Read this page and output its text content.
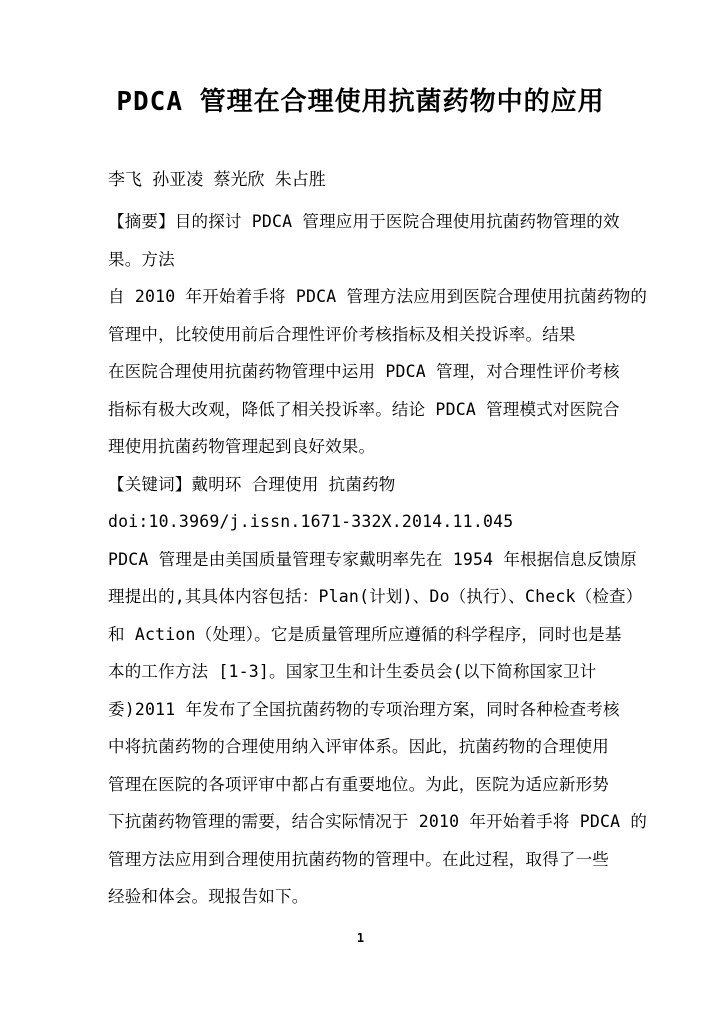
PDCA 管理在合理使用抗菌药物中的应用
李飞 孙亚凌 蔡光欣 朱占胜
【摘要】目的探讨 PDCA 管理应用于医院合理使用抗菌药物管理的效
果。方法
自 2010 年开始着手将 PDCA 管理方法应用到医院合理使用抗菌药物的
管理中，比较使用前后合理性评价考核指标及相关投诉率。结果
在医院合理使用抗菌药物管理中运用 PDCA 管理，对合理性评价考核
指标有极大改观，降低了相关投诉率。结论 PDCA 管理模式对医院合
理使用抗菌药物管理起到良好效果。
【关键词】戴明环 合理使用 抗菌药物
doi:10.3969/j.issn.1671-332X.2014.11.045
PDCA 管理是由美国质量管理专家戴明率先在 1954 年根据信息反馈原
理提出的,其具体内容包括：Plan(计划)、Do（执行）、Check（检查）
和 Action（处理）。它是质量管理所应遵循的科学程序，同时也是基
本的工作方法 [1-3]。国家卫生和计生委员会(以下简称国家卫计
委)2011 年发布了全国抗菌药物的专项治理方案，同时各种检查考核
中将抗菌药物的合理使用纳入评审体系。因此，抗菌药物的合理使用
管理在医院的各项评审中都占有重要地位。为此，医院为适应新形势
下抗菌药物管理的需要，结合实际情况于 2010 年开始着手将 PDCA 的
管理方法应用到合理使用抗菌药物的管理中。在此过程，取得了一些
经验和体会。现报告如下。
1
